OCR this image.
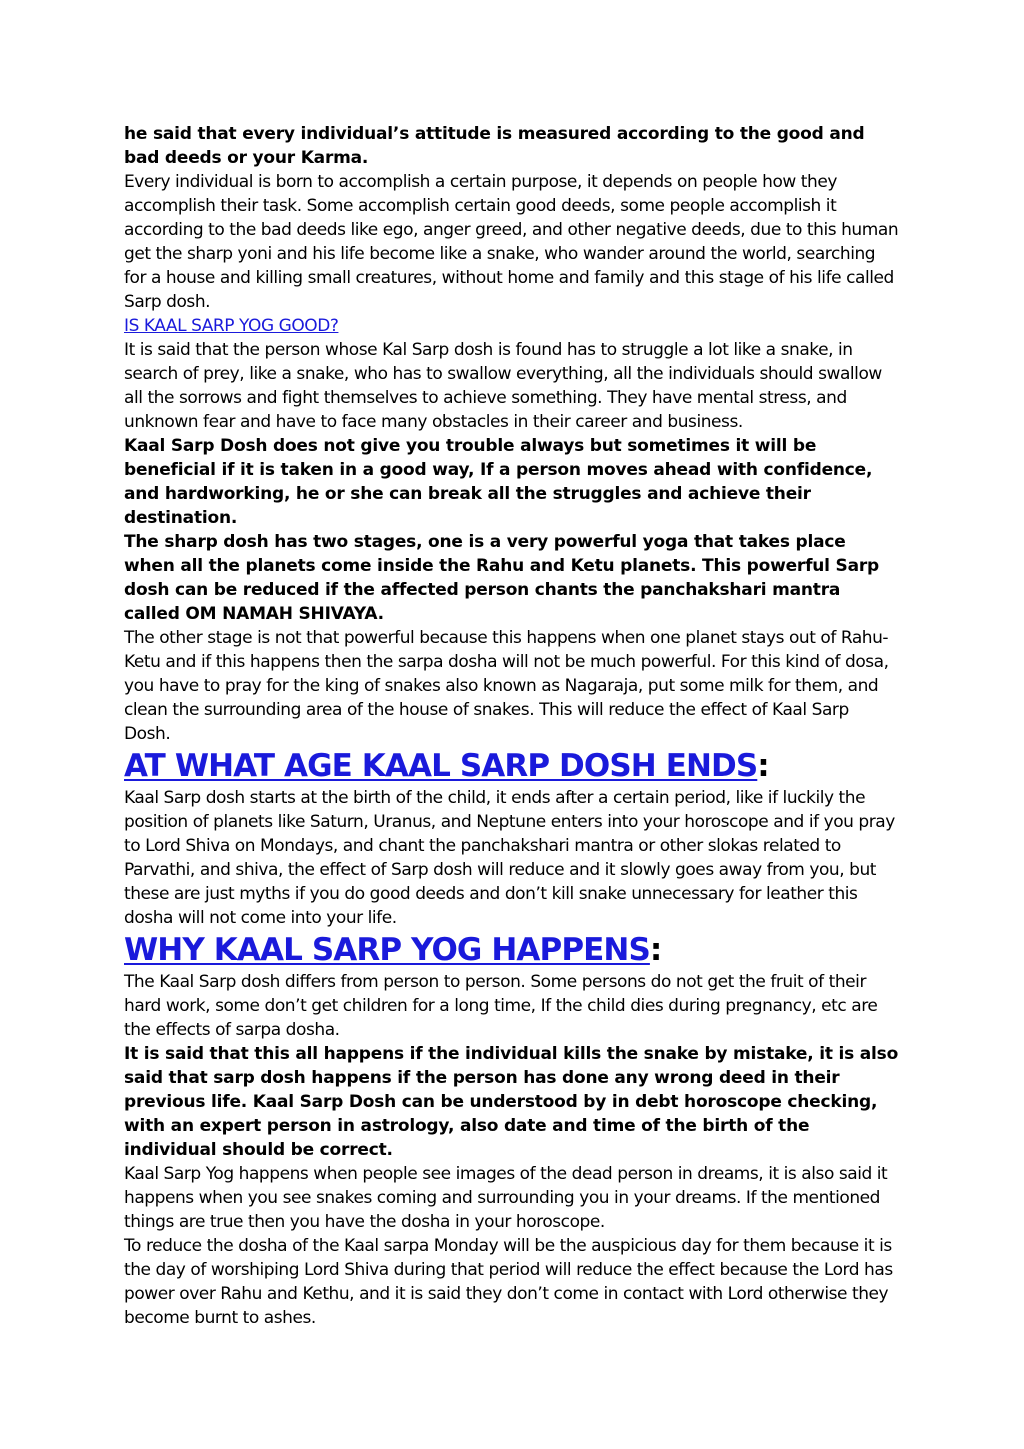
he said that every individual’s attitude is measured according to the good and bad deeds or your Karma.

Every individual is born to accomplish a certain purpose, it depends on people how they accomplish their task. Some accomplish certain good deeds, some people accomplish it according to the bad deeds like ego, anger greed, and other negative deeds, due to this human get the sharp yoni and his life become like a snake, who wander around the world, searching for a house and killing small creatures, without home and family and this stage of his life called Sarp dosh.

IS KAAL SARP YOG GOOD?

It is said that the person whose Kal Sarp dosh is found has to struggle a lot like a snake, in search of prey, like a snake, who has to swallow everything, all the individuals should swallow all the sorrows and fight themselves to achieve something. They have mental stress, and unknown fear and have to face many obstacles in their career and business.

Kaal Sarp Dosh does not give you trouble always but sometimes it will be beneficial if it is taken in a good way, If a person moves ahead with confidence, and hardworking, he or she can break all the struggles and achieve their destination.

The sharp dosh has two stages, one is a very powerful yoga that takes place when all the planets come inside the Rahu and Ketu planets. This powerful Sarp dosh can be reduced if the affected person chants the panchakshari mantra called OM NAMAH SHIVAYA.

The other stage is not that powerful because this happens when one planet stays out of Rahu-Ketu and if this happens then the sarpa dosha will not be much powerful. For this kind of dosa, you have to pray for the king of snakes also known as Nagaraja, put some milk for them, and clean the surrounding area of the house of snakes. This will reduce the effect of Kaal Sarp Dosh.

AT WHAT AGE KAAL SARP DOSH ENDS:

Kaal Sarp dosh starts at the birth of the child, it ends after a certain period, like if luckily the position of planets like Saturn, Uranus, and Neptune enters into your horoscope and if you pray to Lord Shiva on Mondays, and chant the panchakshari mantra or other slokas related to Parvathi, and shiva, the effect of Sarp dosh will reduce and it slowly goes away from you, but these are just myths if you do good deeds and don’t kill snake unnecessary for leather this dosha will not come into your life.

WHY KAAL SARP YOG HAPPENS:

The Kaal Sarp dosh differs from person to person. Some persons do not get the fruit of their hard work, some don’t get children for a long time, If the child dies during pregnancy, etc are the effects of sarpa dosha.

It is said that this all happens if the individual kills the snake by mistake, it is also said that sarp dosh happens if the person has done any wrong deed in their previous life. Kaal Sarp Dosh can be understood by in debt horoscope checking, with an expert person in astrology, also date and time of the birth of the individual should be correct.

Kaal Sarp Yog happens when people see images of the dead person in dreams, it is also said it happens when you see snakes coming and surrounding you in your dreams. If the mentioned things are true then you have the dosha in your horoscope.

To reduce the dosha of the Kaal sarpa Monday will be the auspicious day for them because it is the day of worshiping Lord Shiva during that period will reduce the effect because the Lord has power over Rahu and Kethu, and it is said they don’t come in contact with Lord otherwise they become burnt to ashes.
